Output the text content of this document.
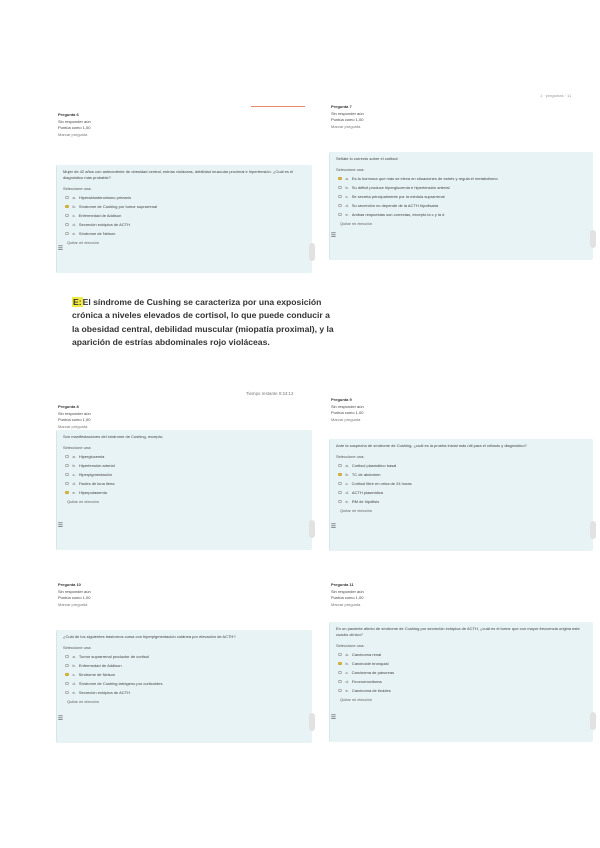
1 · preguntas · 11
Tiempo restante 0:24:12
Pregunta 6
Sin responder aún
Puntúa como 1,00
Marcar pregunta
Mujer de 42 años con antecedente de obesidad central, estrías violáceas, debilidad muscular proximal e hipertensión. ¿Cuál es el diagnóstico más probable?
Seleccione una:
a. Hiperaldosteronismo primario
b. Síndrome de Cushing por tumor suprarrenal
c. Enfermedad de Addison
d. Secreción ectópica de ACTH
e. Síndrome de Nelson
Quitar mi elección
☰
Pregunta 7
Sin responder aún
Puntúa como 1,00
Marcar pregunta
Señale lo correcto sobre el cortisol:
Seleccione una:
a. Es la hormona que más se eleva en situaciones de estrés y regula el metabolismo
b. Su déficit produce hiperglucemia e hipertensión arterial
c. Se secreta principalmente por la médula suprarrenal
d. Su secreción no depende de la ACTH hipofisaria
e. Ambas respuestas son correctas, excepto la c y la d
Quitar mi elección
☰
Pregunta 8
Sin responder aún
Puntúa como 1,00
Marcar pregunta
Son manifestaciones del síndrome de Cushing, excepto:
Seleccione una:
a. Hiperglucemia
b. Hipertensión arterial
c. Hiperpigmentación
d. Facies de luna llena
e. Hiperpotasemia
Quitar mi elección
☰
Pregunta 9
Sin responder aún
Puntúa como 1,00
Marcar pregunta
Ante la sospecha de síndrome de Cushing, ¿cuál es la prueba inicial más útil para el cribado y diagnóstico?
Seleccione una:
a. Cortisol plasmático basal
b. TC de abdomen
c. Cortisol libre en orina de 24 horas
d. ACTH plasmática
e. RM de hipófisis
Quitar mi elección
☰
Pregunta 10
Sin responder aún
Puntúa como 1,00
Marcar pregunta
¿Cuál de los siguientes trastornos cursa con hiperpigmentación cutánea por elevación de ACTH?
Seleccione una:
a. Tumor suprarrenal productor de cortisol
b. Enfermedad de Addison
c. Síndrome de Nelson
d. Síndrome de Cushing iatrógeno por corticoides
e. Secreción ectópica de ACTH
Quitar mi elección
☰
Pregunta 11
Sin responder aún
Puntúa como 1,00
Marcar pregunta
En un paciente afecto de síndrome de Cushing por secreción ectópica de ACTH, ¿cuál es el tumor que con mayor frecuencia origina este cuadro clínico?
Seleccione una:
a. Carcinoma renal
b. Carcinoide bronquial
c. Carcinoma de páncreas
d. Feocromocitoma
e. Carcinoma de tiroides
Quitar mi elección
☰
E:El síndrome de Cushing se caracteriza por una exposición crónica a niveles elevados de cortisol, lo que puede conducir a la obesidad central, debilidad muscular (miopatía proximal), y la aparición de estrías abdominales rojo violáceas.
